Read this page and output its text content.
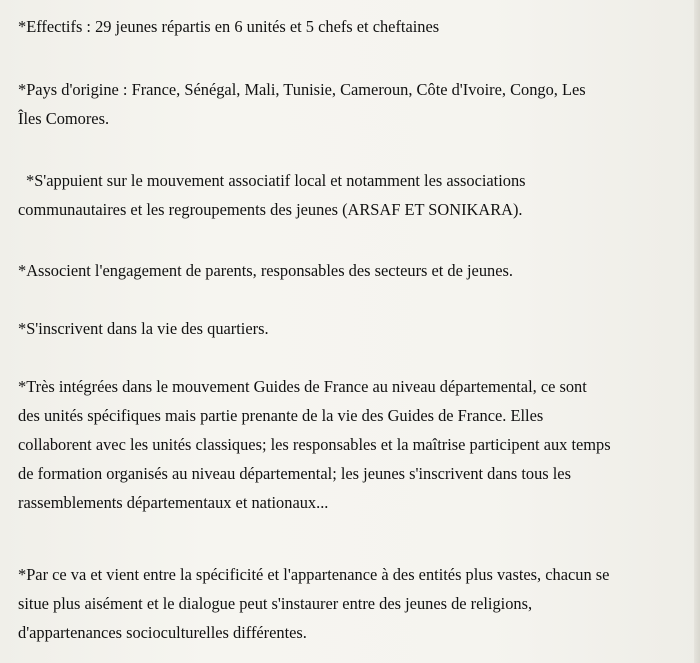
*Effectifs : 29 jeunes répartis en 6 unités et 5 chefs et cheftaines

*Pays d'origine : France, Sénégal, Mali, Tunisie, Cameroun, Côte d'Ivoire, Congo, Les
Îles Comores.

*S'appuient sur le mouvement associatif local et notamment les associations
communautaires et les regroupements des jeunes (ARSAF ET SONIKARA).

*Associent l'engagement de parents, responsables des secteurs et de jeunes.

*S'inscrivent dans la vie des quartiers.

*Très intégrées dans le mouvement Guides de France au niveau départemental, ce sont
des unités spécifiques mais partie prenante de la vie des Guides de France. Elles
collaborent avec les unités classiques; les responsables et la maîtrise participent aux temps
de formation organisés au niveau départemental; les jeunes s'inscrivent dans tous les
rassemblements départementaux et nationaux...

*Par ce va et vient entre la spécificité et l'appartenance à des entités plus vastes, chacun se
situe plus aisément et le dialogue peut s'instaurer entre des jeunes de religions,
d'appartenances socioculturelles différentes.
